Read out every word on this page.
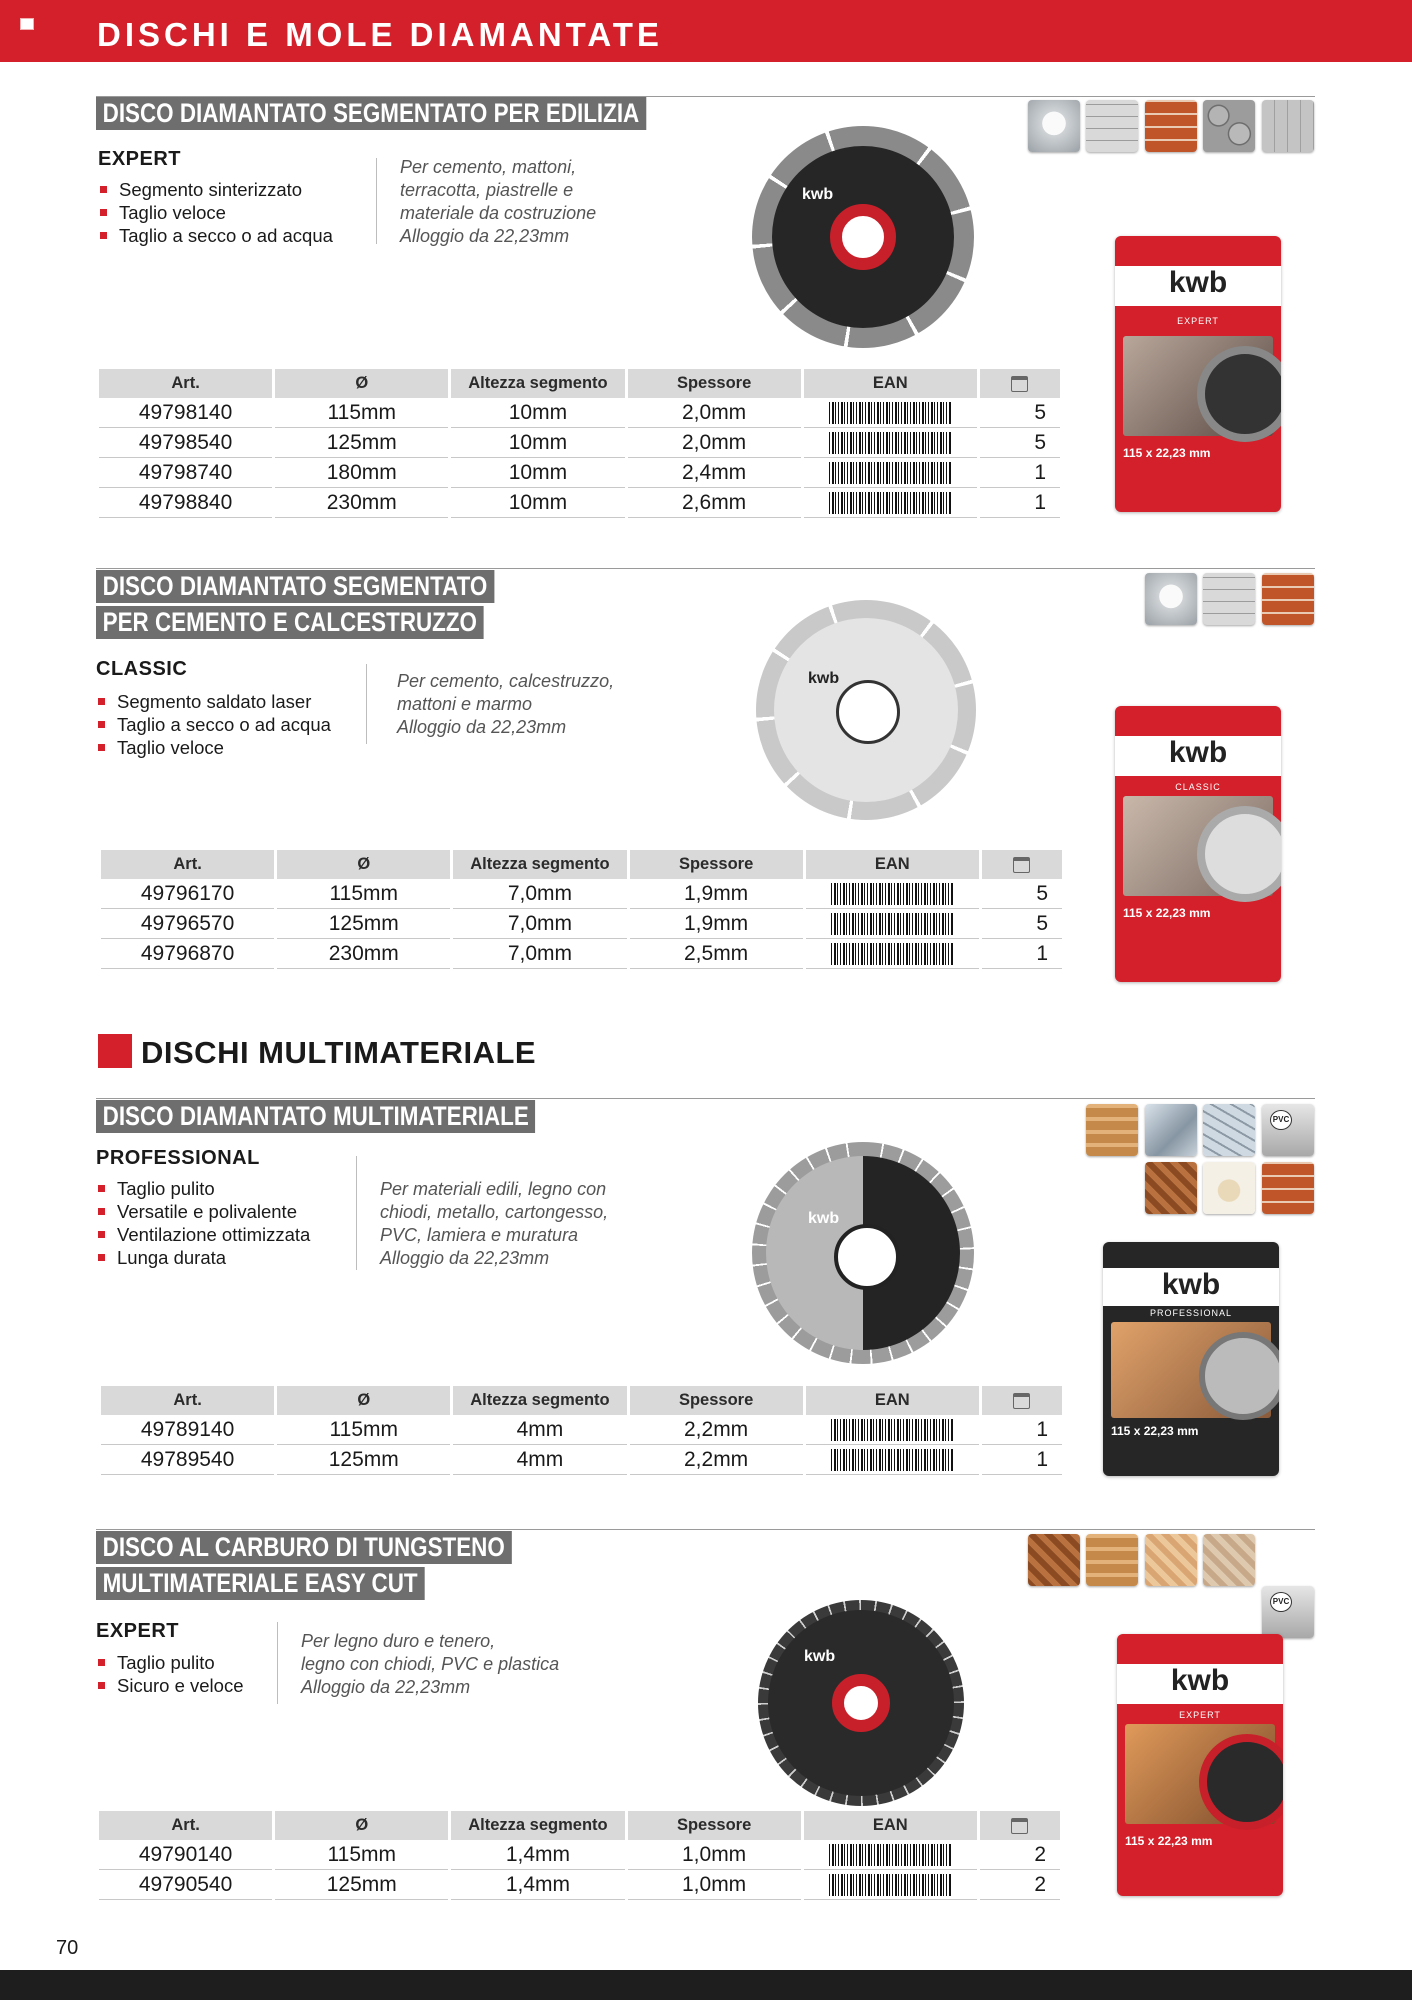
DISCHI E MOLE DIAMANTATE
DISCO DIAMANTATO SEGMENTATO PER EDILIZIA
EXPERT
Segmento sinterizzato
Taglio veloce
Taglio a secco o ad acqua
Per cemento, mattoni,
terracotta, piastrelle e
materiale da costruzione
Alloggio da 22,23mm
kwb
kwb
EXPERT
115 x 22,23 mm
Art.	Ø	Altezza segmento	Spessore	EAN	
49798140	115mm	10mm	2,0mm		5
49798540	125mm	10mm	2,0mm		5
49798740	180mm	10mm	2,4mm		1
49798840	230mm	10mm	2,6mm		1
DISCO DIAMANTATO SEGMENTATO
PER CEMENTO E CALCESTRUZZO
CLASSIC
Segmento saldato laser
Taglio a secco o ad acqua
Taglio veloce
Per cemento, calcestruzzo,
mattoni e marmo
Alloggio da 22,23mm
kwb
kwb
CLASSIC
115 x 22,23 mm
Art.	Ø	Altezza segmento	Spessore	EAN	
49796170	115mm	7,0mm	1,9mm		5
49796570	125mm	7,0mm	1,9mm		5
49796870	230mm	7,0mm	2,5mm		1
DISCHI MULTIMATERIALE
DISCO DIAMANTATO MULTIMATERIALE
PROFESSIONAL
Taglio pulito
Versatile e polivalente
Ventilazione ottimizzata
Lunga durata
Per materiali edili, legno con
chiodi, metallo, cartongesso,
PVC, lamiera e muratura
Alloggio da 22,23mm
PVC
kwb
kwb
PROFESSIONAL
115 x 22,23 mm
Art.	Ø	Altezza segmento	Spessore	EAN	
49789140	115mm	4mm	2,2mm		1
49789540	125mm	4mm	2,2mm		1
DISCO AL CARBURO DI TUNGSTENO
MULTIMATERIALE EASY CUT
EXPERT
Taglio pulito
Sicuro e veloce
Per legno duro e tenero,
legno con chiodi, PVC e plastica
Alloggio da 22,23mm
PVC
kwb
kwb
EXPERT
115 x 22,23 mm
Art.	Ø	Altezza segmento	Spessore	EAN	
49790140	115mm	1,4mm	1,0mm		2
49790540	125mm	1,4mm	1,0mm		2
70
